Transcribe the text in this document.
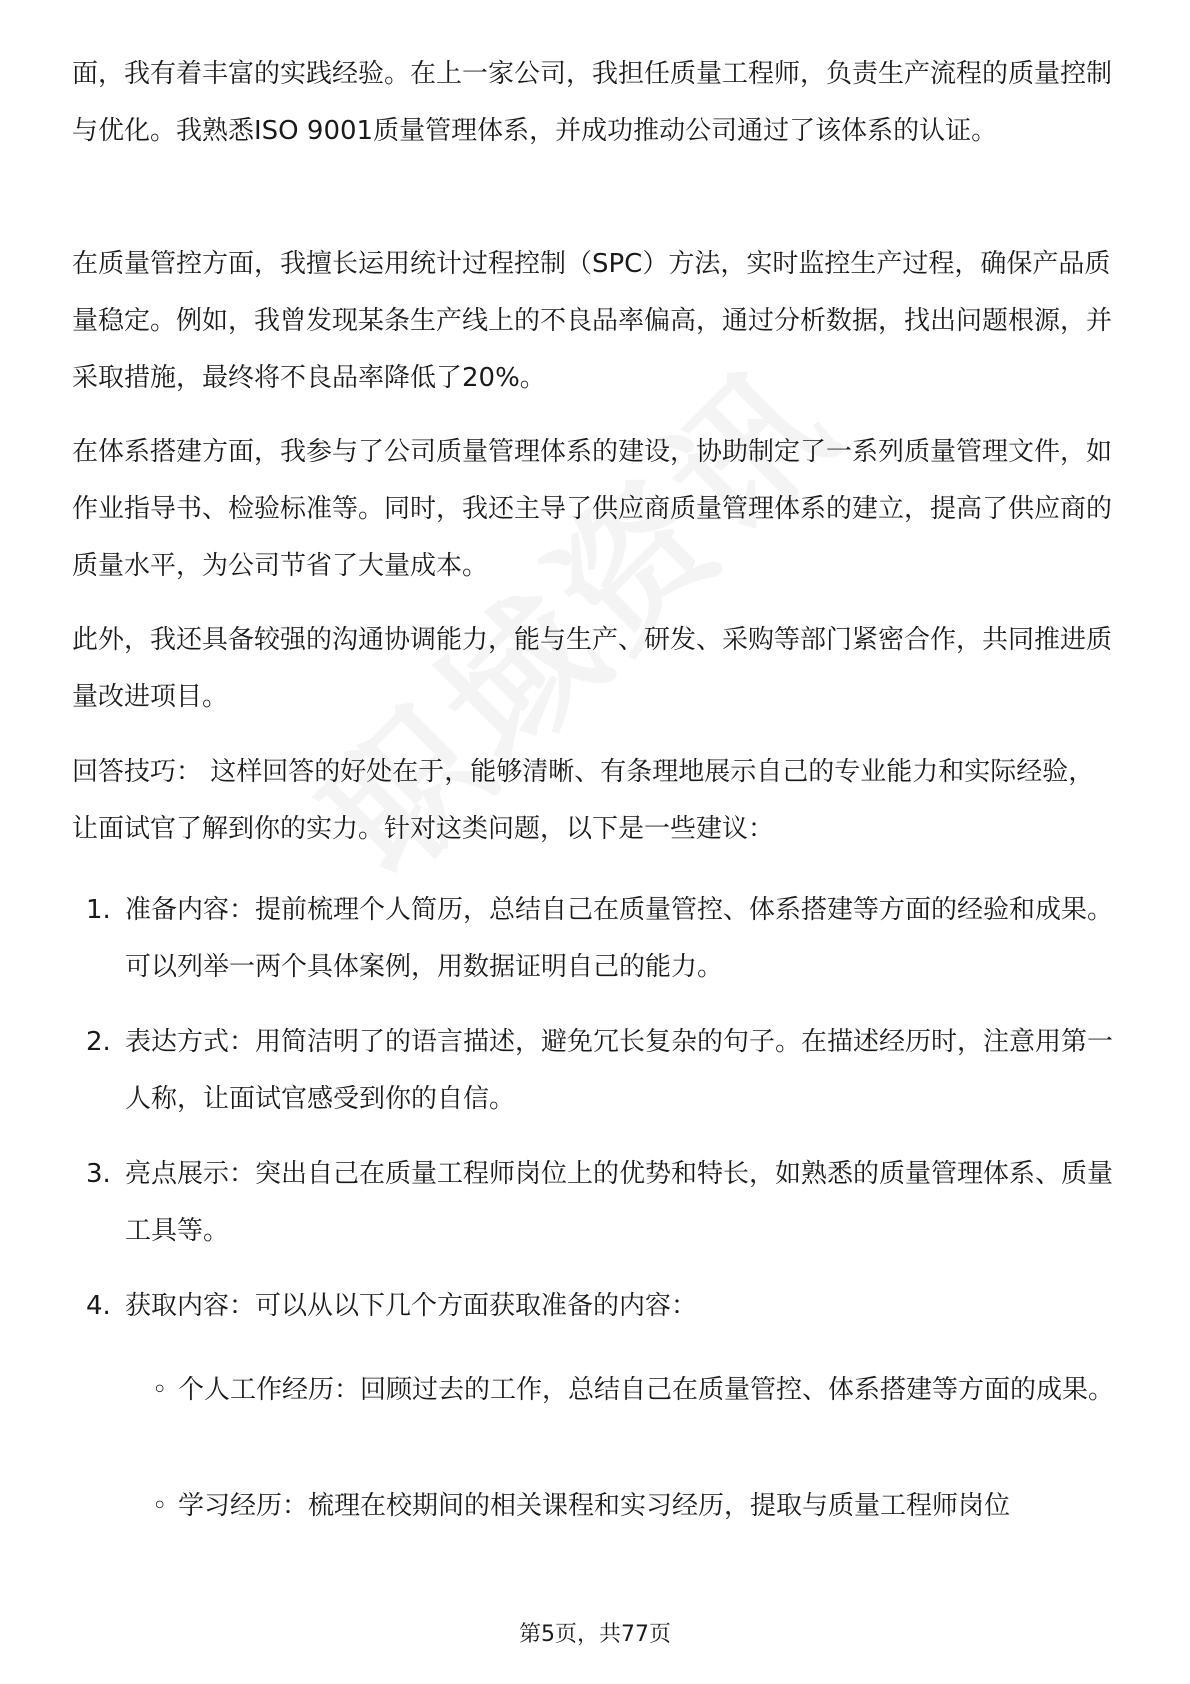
面，我有着丰富的实践经验。在上一家公司，我担任质量工程师，负责生产流程的质量控制与优化。我熟悉ISO 9001质量管理体系，并成功推动公司通过了该体系的认证。

在质量管控方面，我擅长运用统计过程控制（SPC）方法，实时监控生产过程，确保产品质量稳定。例如，我曾发现某条生产线上的不良品率偏高，通过分析数据，找出问题根源，并采取措施，最终将不良品率降低了20%。

在体系搭建方面，我参与了公司质量管理体系的建设，协助制定了一系列质量管理文件，如作业指导书、检验标准等。同时，我还主导了供应商质量管理体系的建立，提高了供应商的质量水平，为公司节省了大量成本。

此外，我还具备较强的沟通协调能力，能与生产、研发、采购等部门紧密合作，共同推进质量改进项目。

回答技巧： 这样回答的好处在于，能够清晰、有条理地展示自己的专业能力和实际经验，让面试官了解到你的实力。针对这类问题，以下是一些建议：

1. 准备内容：提前梳理个人简历，总结自己在质量管控、体系搭建等方面的经验和成果。可以列举一两个具体案例，用数据证明自己的能力。

2. 表达方式：用简洁明了的语言描述，避免冗长复杂的句子。在描述经历时，注意用第一人称，让面试官感受到你的自信。

3. 亮点展示：突出自己在质量工程师岗位上的优势和特长，如熟悉的质量管理体系、质量工具等。

4. 获取内容：可以从以下几个方面获取准备的内容：

◦ 个人工作经历：回顾过去的工作，总结自己在质量管控、体系搭建等方面的成果。

◦ 学习经历：梳理在校期间的相关课程和实习经历，提取与质量工程师岗位

第5页，共77页
